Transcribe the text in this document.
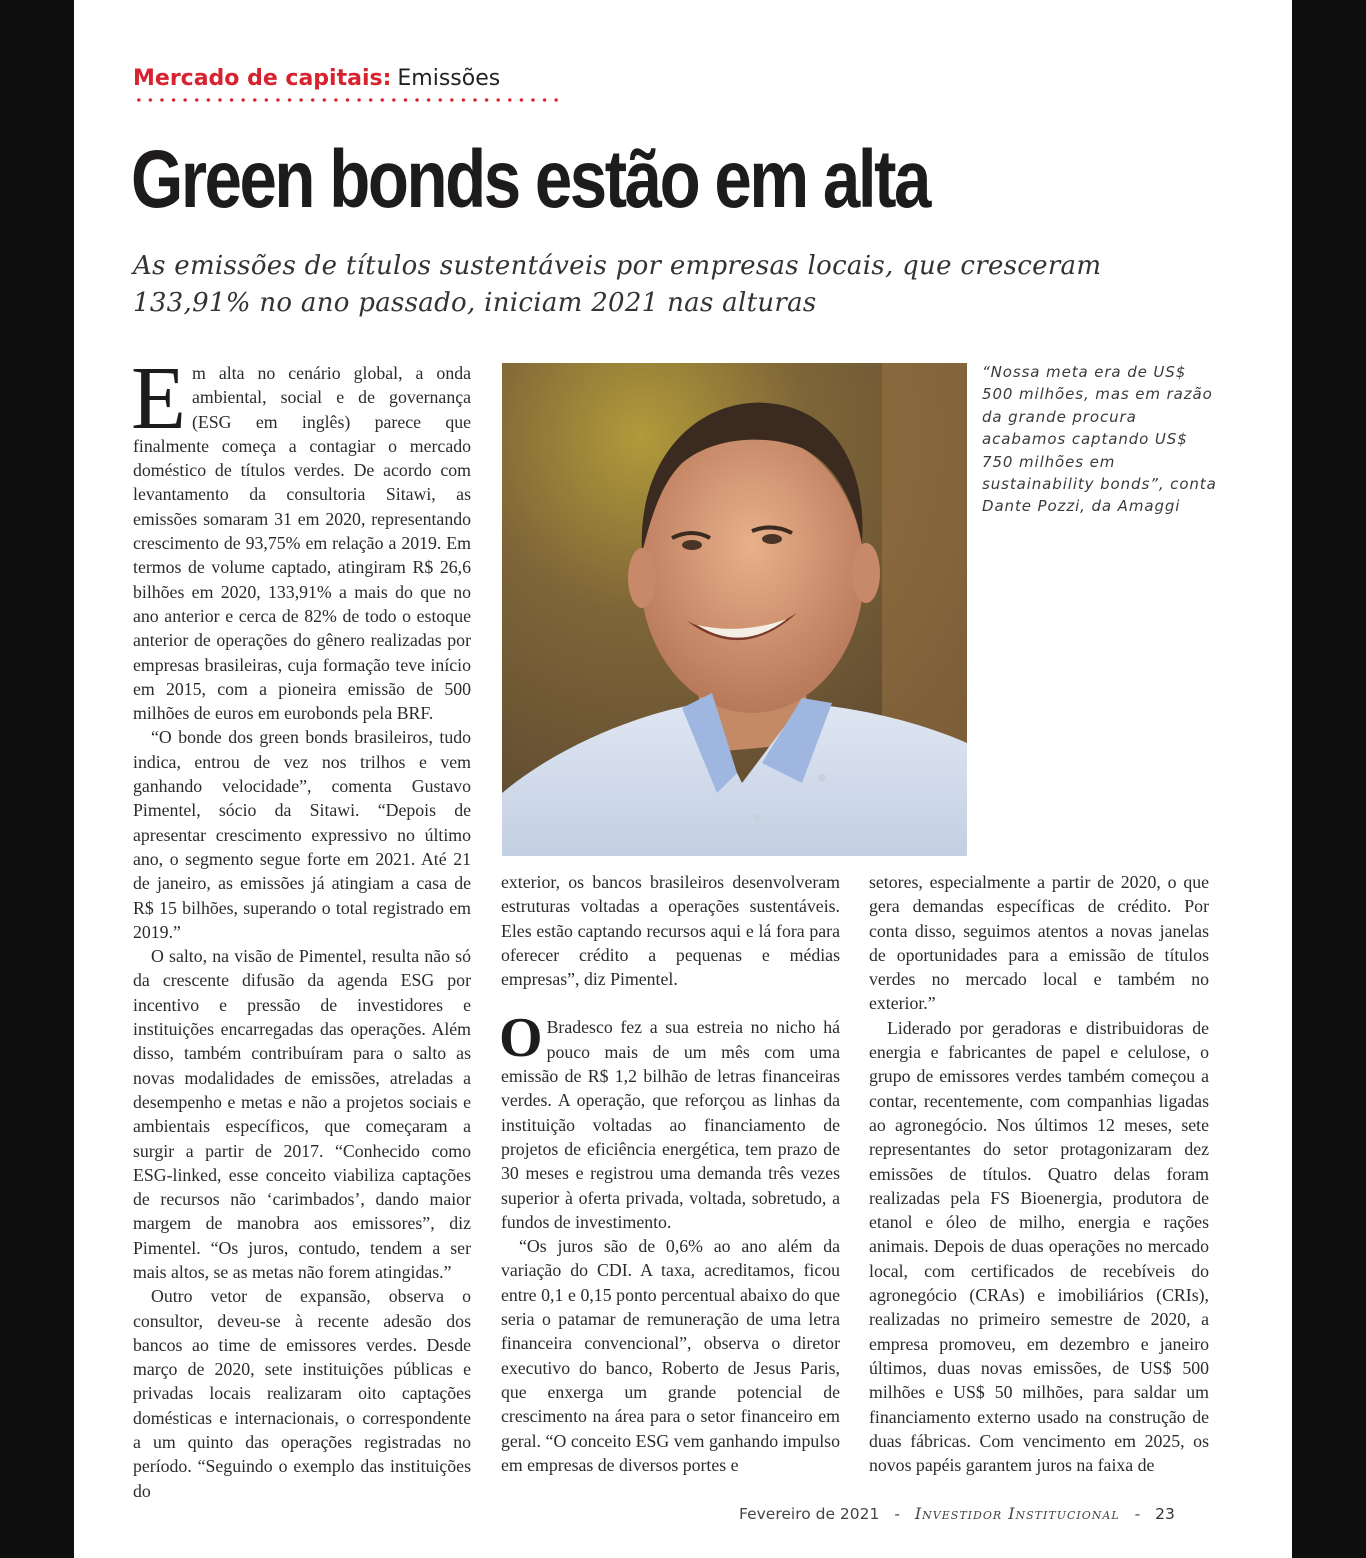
Mercado de capitais: Emissões
Green bonds estão em alta
As emissões de títulos sustentáveis por empresas locais, que cresceram 133,91% no ano passado, iniciam 2021 nas alturas

Em alta no cenário global, a onda ambiental, social e de governança (ESG em inglês) parece que finalmente começa a contagiar o mercado doméstico de títulos verdes. De acordo com levantamento da consultoria Sitawi, as emissões somaram 31 em 2020, representando crescimento de 93,75% em relação a 2019. Em termos de volume captado, atingiram R$ 26,6 bilhões em 2020, 133,91% a mais do que no ano anterior e cerca de 82% de todo o estoque anterior de operações do gênero realizadas por empresas brasileiras, cuja formação teve início em 2015, com a pioneira emissão de 500 milhões de euros em eurobonds pela BRF.

“O bonde dos green bonds brasileiros, tudo indica, entrou de vez nos trilhos e vem ganhando velocidade”, comenta Gustavo Pimentel, sócio da Sitawi. “Depois de apresentar crescimento expressivo no último ano, o segmento segue forte em 2021. Até 21 de janeiro, as emissões já atingiam a casa de R$ 15 bilhões, superando o total registrado em 2019.”

O salto, na visão de Pimentel, resulta não só da crescente difusão da agenda ESG por incentivo e pressão de investidores e instituições encarregadas das operações. Além disso, também contribuíram para o salto as novas modalidades de emissões, atreladas a desempenho e metas e não a projetos sociais e ambientais específicos, que começaram a surgir a partir de 2017. “Conhecido como ESG-linked, esse conceito viabiliza captações de recursos não ‘carimbados’, dando maior margem de manobra aos emissores”, diz Pimentel. “Os juros, contudo, tendem a ser mais altos, se as metas não forem atingidas.”

Outro vetor de expansão, observa o consultor, deveu-se à recente adesão dos bancos ao time de emissores verdes. Desde março de 2020, sete instituições públicas e privadas locais realizaram oito captações domésticas e internacionais, o correspondente a um quinto das operações registradas no período. “Seguindo o exemplo das instituições do

“Nossa meta era de US$ 500 milhões, mas em razão da grande procura acabamos captando US$ 750 milhões em sustainability bonds”, conta Dante Pozzi, da Amaggi

exterior, os bancos brasileiros desenvolveram estruturas voltadas a operações sustentáveis. Eles estão captando recursos aqui e lá fora para oferecer crédito a pequenas e médias empresas”, diz Pimentel.

O Bradesco fez a sua estreia no nicho há pouco mais de um mês com uma emissão de R$ 1,2 bilhão de letras financeiras verdes. A operação, que reforçou as linhas da instituição voltadas ao financiamento de projetos de eficiência energética, tem prazo de 30 meses e registrou uma demanda três vezes superior à oferta privada, voltada, sobretudo, a fundos de investimento.

“Os juros são de 0,6% ao ano além da variação do CDI. A taxa, acreditamos, ficou entre 0,1 e 0,15 ponto percentual abaixo do que seria o patamar de remuneração de uma letra financeira convencional”, observa o diretor executivo do banco, Roberto de Jesus Paris, que enxerga um grande potencial de crescimento na área para o setor financeiro em geral. “O conceito ESG vem ganhando impulso em empresas de diversos portes e

setores, especialmente a partir de 2020, o que gera demandas específicas de crédito. Por conta disso, seguimos atentos a novas janelas de oportunidades para a emissão de títulos verdes no mercado local e também no exterior.”

Liderado por geradoras e distribuidoras de energia e fabricantes de papel e celulose, o grupo de emissores verdes também começou a contar, recentemente, com companhias ligadas ao agronegócio. Nos últimos 12 meses, sete representantes do setor protagonizaram dez emissões de títulos. Quatro delas foram realizadas pela FS Bioenergia, produtora de etanol e óleo de milho, energia e rações animais. Depois de duas operações no mercado local, com certificados de recebíveis do agronegócio (CRAs) e imobiliários (CRIs), realizadas no primeiro semestre de 2020, a empresa promoveu, em dezembro e janeiro últimos, duas novas emissões, de US$ 500 milhões e US$ 50 milhões, para saldar um financiamento externo usado na construção de duas fábricas. Com vencimento em 2025, os novos papéis garantem juros na faixa de

Fevereiro de 2021 - Investidor Institucional - 23
